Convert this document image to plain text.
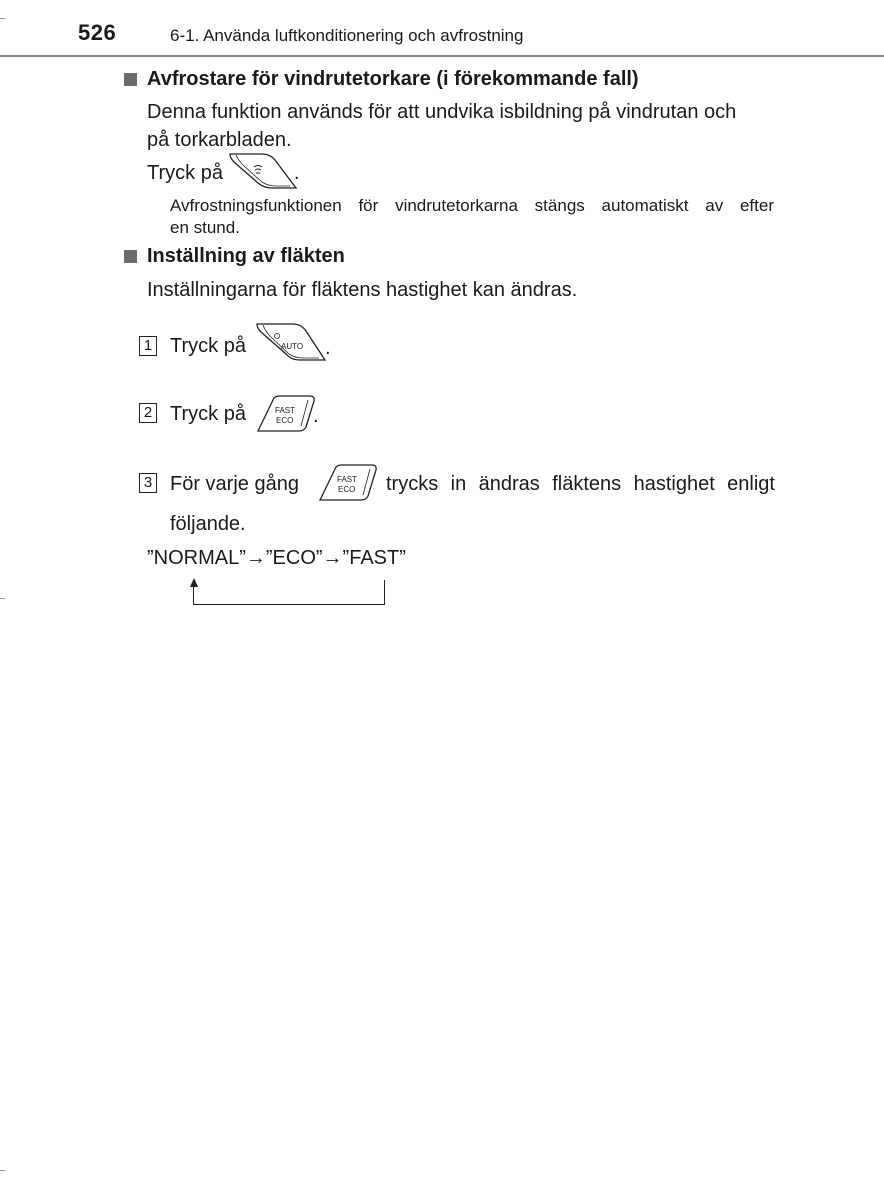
526	6-1. Använda luftkonditionering och avfrostning
Avfrostare för vindrutetorkare (i förekommande fall)
Denna funktion används för att undvika isbildning på vindrutan och
på torkarbladen.
Tryck på	.
Avfrostningsfunktionen för vindrutetorkarna stängs automatiskt av efter
en stund.
Inställning av fläkten
Inställningarna för fläktens hastighet kan ändras.
1 Tryck på	AUTO .
2 Tryck på	FAST
ECO .
3 För varje gång	FAST
ECO trycks in ändras fläktens hastighet enligt
följande.
”NORMAL”→”ECO”→”FAST”
